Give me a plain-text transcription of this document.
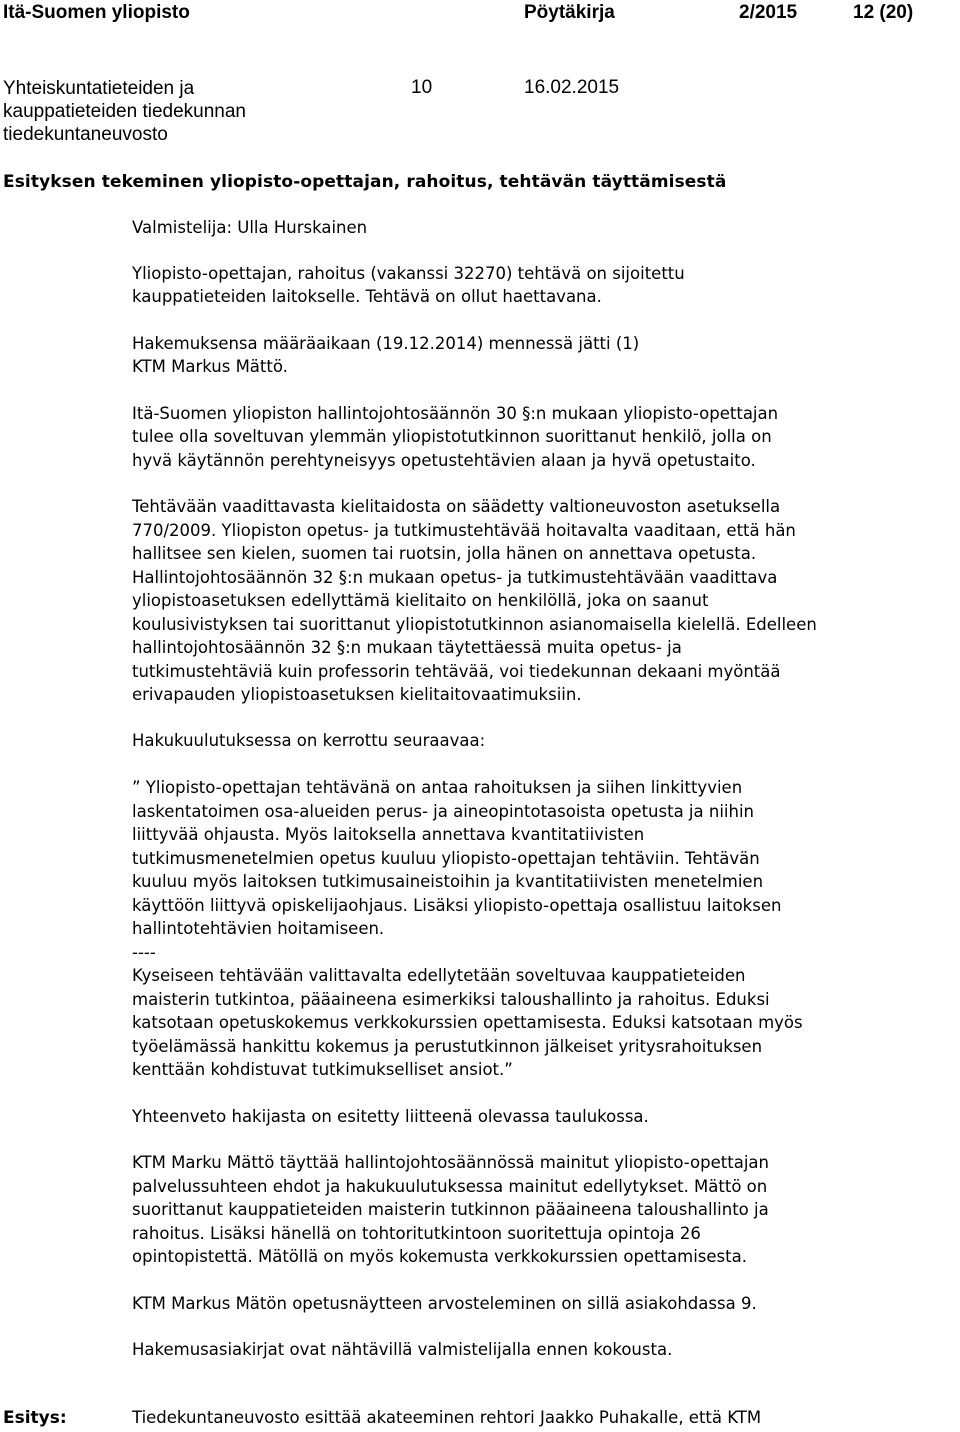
Itä-Suomen yliopisto	Pöytäkirja	2/2015	12 (20)
Yhteiskuntatieteiden ja
kauppatieteiden tiedekunnan
tiedekuntaneuvosto
10	16.02.2015
Esityksen tekeminen yliopisto-opettajan, rahoitus, tehtävän täyttämisestä

Valmistelija: Ulla Hurskainen

Yliopisto-opettajan, rahoitus (vakanssi 32270) tehtävä on sijoitettu
kauppatieteiden laitokselle. Tehtävä on ollut haettavana.

Hakemuksensa määräaikaan (19.12.2014) mennessä jätti (1)
KTM Markus Mättö.

Itä-Suomen yliopiston hallintojohtosäännön 30 §:n mukaan yliopisto-opettajan
tulee olla soveltuvan ylemmän yliopistotutkinnon suorittanut henkilö, jolla on
hyvä käytännön perehtyneisyys opetustehtävien alaan ja hyvä opetustaito.

Tehtävään vaadittavasta kielitaidosta on säädetty valtioneuvoston asetuksella
770/2009. Yliopiston opetus- ja tutkimustehtävää hoitavalta vaaditaan, että hän
hallitsee sen kielen, suomen tai ruotsin, jolla hänen on annettava opetusta.
Hallintojohtosäännön 32 §:n mukaan opetus- ja tutkimustehtävään vaadittava
yliopistoasetuksen edellyttämä kielitaito on henkilöllä, joka on saanut
koulusivistyksen tai suorittanut yliopistotutkinnon asianomaisella kielellä. Edelleen
hallintojohtosäännön 32 §:n mukaan täytettäessä muita opetus- ja
tutkimustehtäviä kuin professorin tehtävää, voi tiedekunnan dekaani myöntää
erivapauden yliopistoasetuksen kielitaitovaatimuksiin.

Hakukuulutuksessa on kerrottu seuraavaa:

” Yliopisto-opettajan tehtävänä on antaa rahoituksen ja siihen linkittyvien
laskentatoimen osa-alueiden perus- ja aineopintotasoista opetusta ja niihin
liittyvää ohjausta. Myös laitoksella annettava kvantitatiivisten
tutkimusmenetelmien opetus kuuluu yliopisto-opettajan tehtäviin. Tehtävän
kuuluu myös laitoksen tutkimusaineistoihin ja kvantitatiivisten menetelmien
käyttöön liittyvä opiskelijaohjaus. Lisäksi yliopisto-opettaja osallistuu laitoksen
hallintotehtävien hoitamiseen.
----
Kyseiseen tehtävään valittavalta edellytetään soveltuvaa kauppatieteiden
maisterin tutkintoa, pääaineena esimerkiksi taloushallinto ja rahoitus. Eduksi
katsotaan opetuskokemus verkkokurssien opettamisesta. Eduksi katsotaan myös
työelämässä hankittu kokemus ja perustutkinnon jälkeiset yritysrahoituksen
kenttään kohdistuvat tutkimukselliset ansiot.”

Yhteenveto hakijasta on esitetty liitteenä olevassa taulukossa.

KTM Marku Mättö täyttää hallintojohtosäännössä mainitut yliopisto-opettajan
palvelussuhteen ehdot ja hakukuulutuksessa mainitut edellytykset. Mättö on
suorittanut kauppatieteiden maisterin tutkinnon pääaineena taloushallinto ja
rahoitus. Lisäksi hänellä on tohtoritutkintoon suoritettuja opintoja 26
opintopistettä. Mätöllä on myös kokemusta verkkokurssien opettamisesta.

KTM Markus Mätön opetusnäytteen arvosteleminen on sillä asiakohdassa 9.

Hakemusasiakirjat ovat nähtävillä valmistelijalla ennen kokousta.

Esitys:	Tiedekuntaneuvosto esittää akateeminen rehtori Jaakko Puhakalle, että KTM
